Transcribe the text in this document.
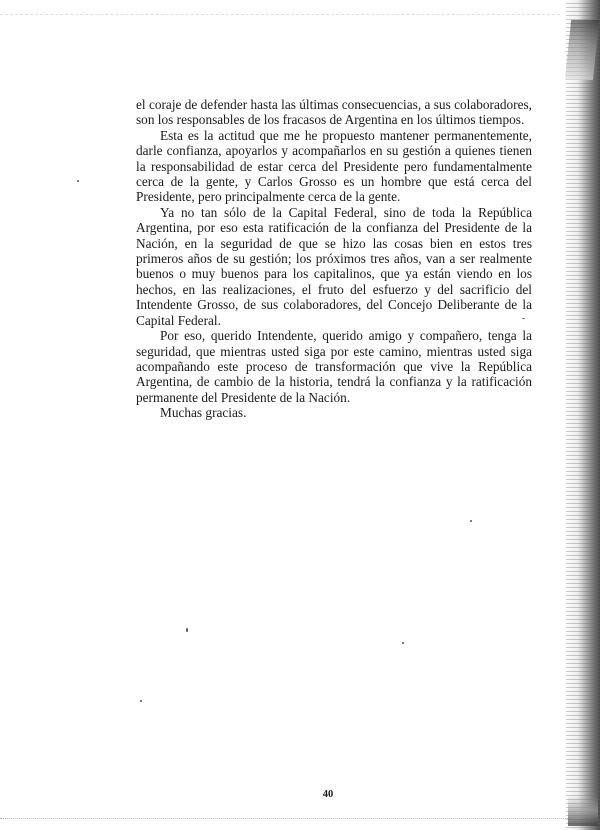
el coraje de defender hasta las últimas consecuencias, a sus colaboradores, son los responsables de los fracasos de Argentina en los últimos tiempos.

Esta es la actitud que me he propuesto mantener permanentemente, darle confianza, apoyarlos y acompañarlos en su gestión a quienes tienen la responsabilidad de estar cerca del Presidente pero fundamentalmente cerca de la gente, y Carlos Grosso es un hombre que está cerca del Presidente, pero principalmente cerca de la gente.

Ya no tan sólo de la Capital Federal, sino de toda la República Argentina, por eso esta ratificación de la confianza del Presidente de la Nación, en la seguridad de que se hizo las cosas bien en estos tres primeros años de su gestión; los próximos tres años, van a ser realmente buenos o muy buenos para los capitalinos, que ya están viendo en los hechos, en las realizaciones, el fruto del esfuerzo y del sacrificio del Intendente Grosso, de sus colaboradores, del Concejo Deliberante de la Capital Federal.

Por eso, querido Intendente, querido amigo y compañero, tenga la seguridad, que mientras usted siga por este camino, mientras usted siga acompañando este proceso de transformación que vive la República Argentina, de cambio de la historia, tendrá la confianza y la ratificación permanente del Presidente de la Nación.

Muchas gracias.

40
